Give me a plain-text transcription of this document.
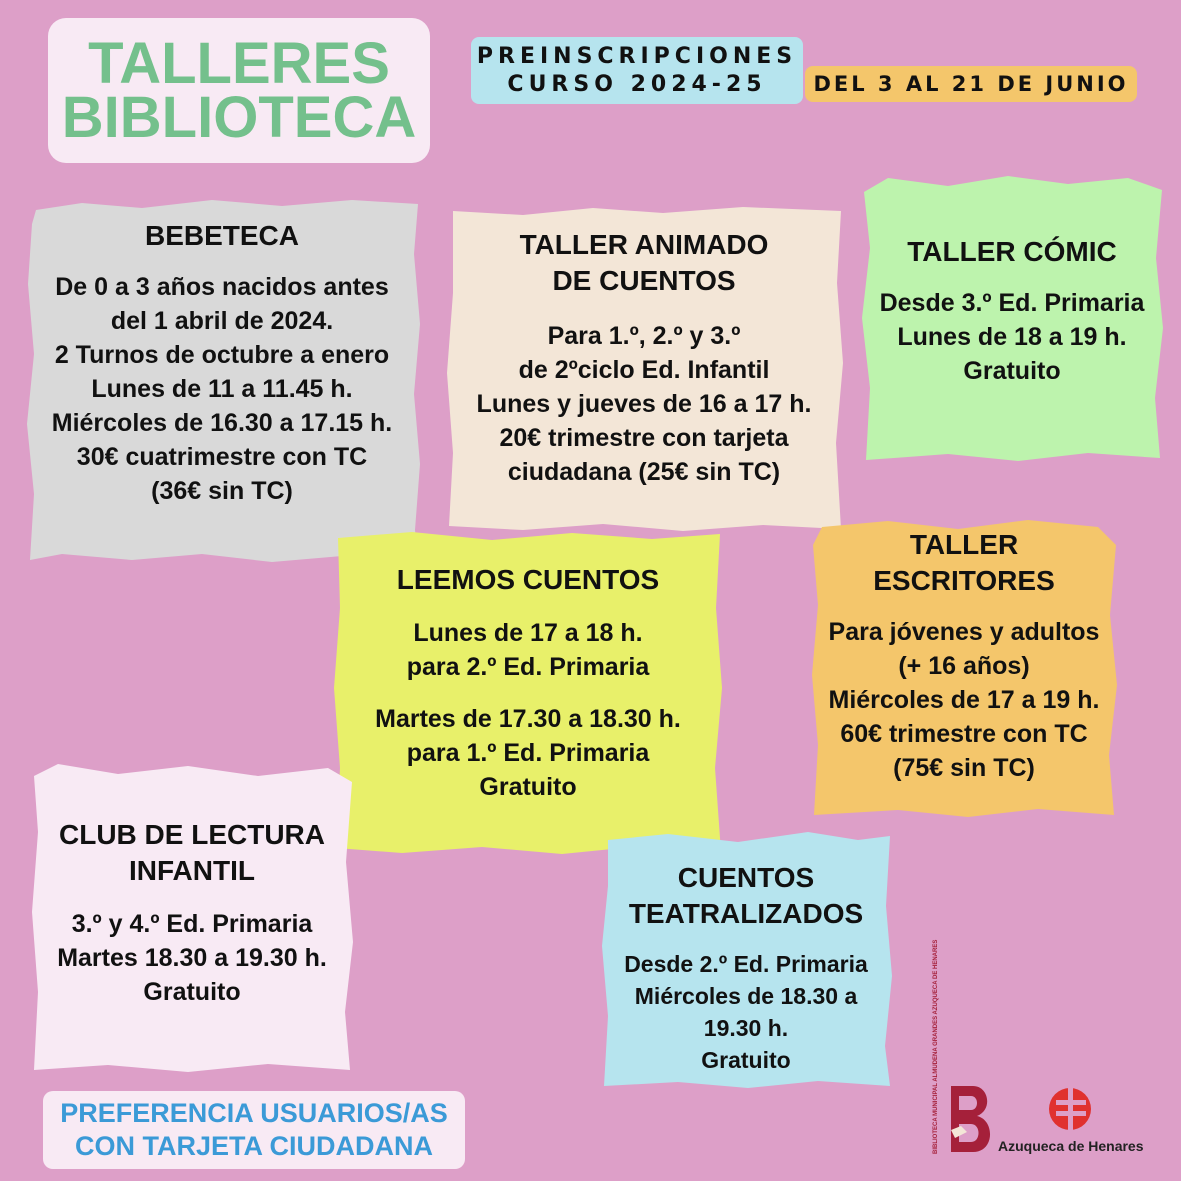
TALLERES
BIBLIOTECA
PREINSCRIPCIONES
CURSO 2024-25 DEL 3 AL 21 DE JUNIO
BEBETECA
De 0 a 3 años nacidos antes
del 1 abril de 2024.
2 Turnos de octubre a enero
Lunes de 11 a 11.45 h.
Miércoles de 16.30 a 17.15 h.
30€ cuatrimestre con TC
(36€ sin TC)
TALLER ANIMADO
DE CUENTOS
Para 1.º, 2.º y 3.º
de 2ºciclo Ed. Infantil
Lunes y jueves de 16 a 17 h.
20€ trimestre con tarjeta
ciudadana (25€ sin TC)
TALLER CÓMIC
Desde 3.º Ed. Primaria
Lunes de 18 a 19 h.
Gratuito
LEEMOS CUENTOS
Lunes de 17 a 18 h.
para 2.º Ed. Primaria
Martes de 17.30 a 18.30 h.
para 1.º Ed. Primaria
Gratuito
TALLER
ESCRITORES
Para jóvenes y adultos
(+ 16 años)
Miércoles de 17 a 19 h.
60€ trimestre con TC
(75€ sin TC)
CLUB DE LECTURA
INFANTIL
3.º y 4.º Ed. Primaria
Martes 18.30 a 19.30 h.
Gratuito
CUENTOS
TEATRALIZADOS
Desde 2.º Ed. Primaria
Miércoles de 18.30 a
19.30 h.
Gratuito
PREFERENCIA USUARIOS/AS
CON TARJETA CIUDADANA	BIBLIOTECA MUNICIPAL ALMUDENA GRANDES AZUQUECA DE HENARES	Azuqueca de Henares
